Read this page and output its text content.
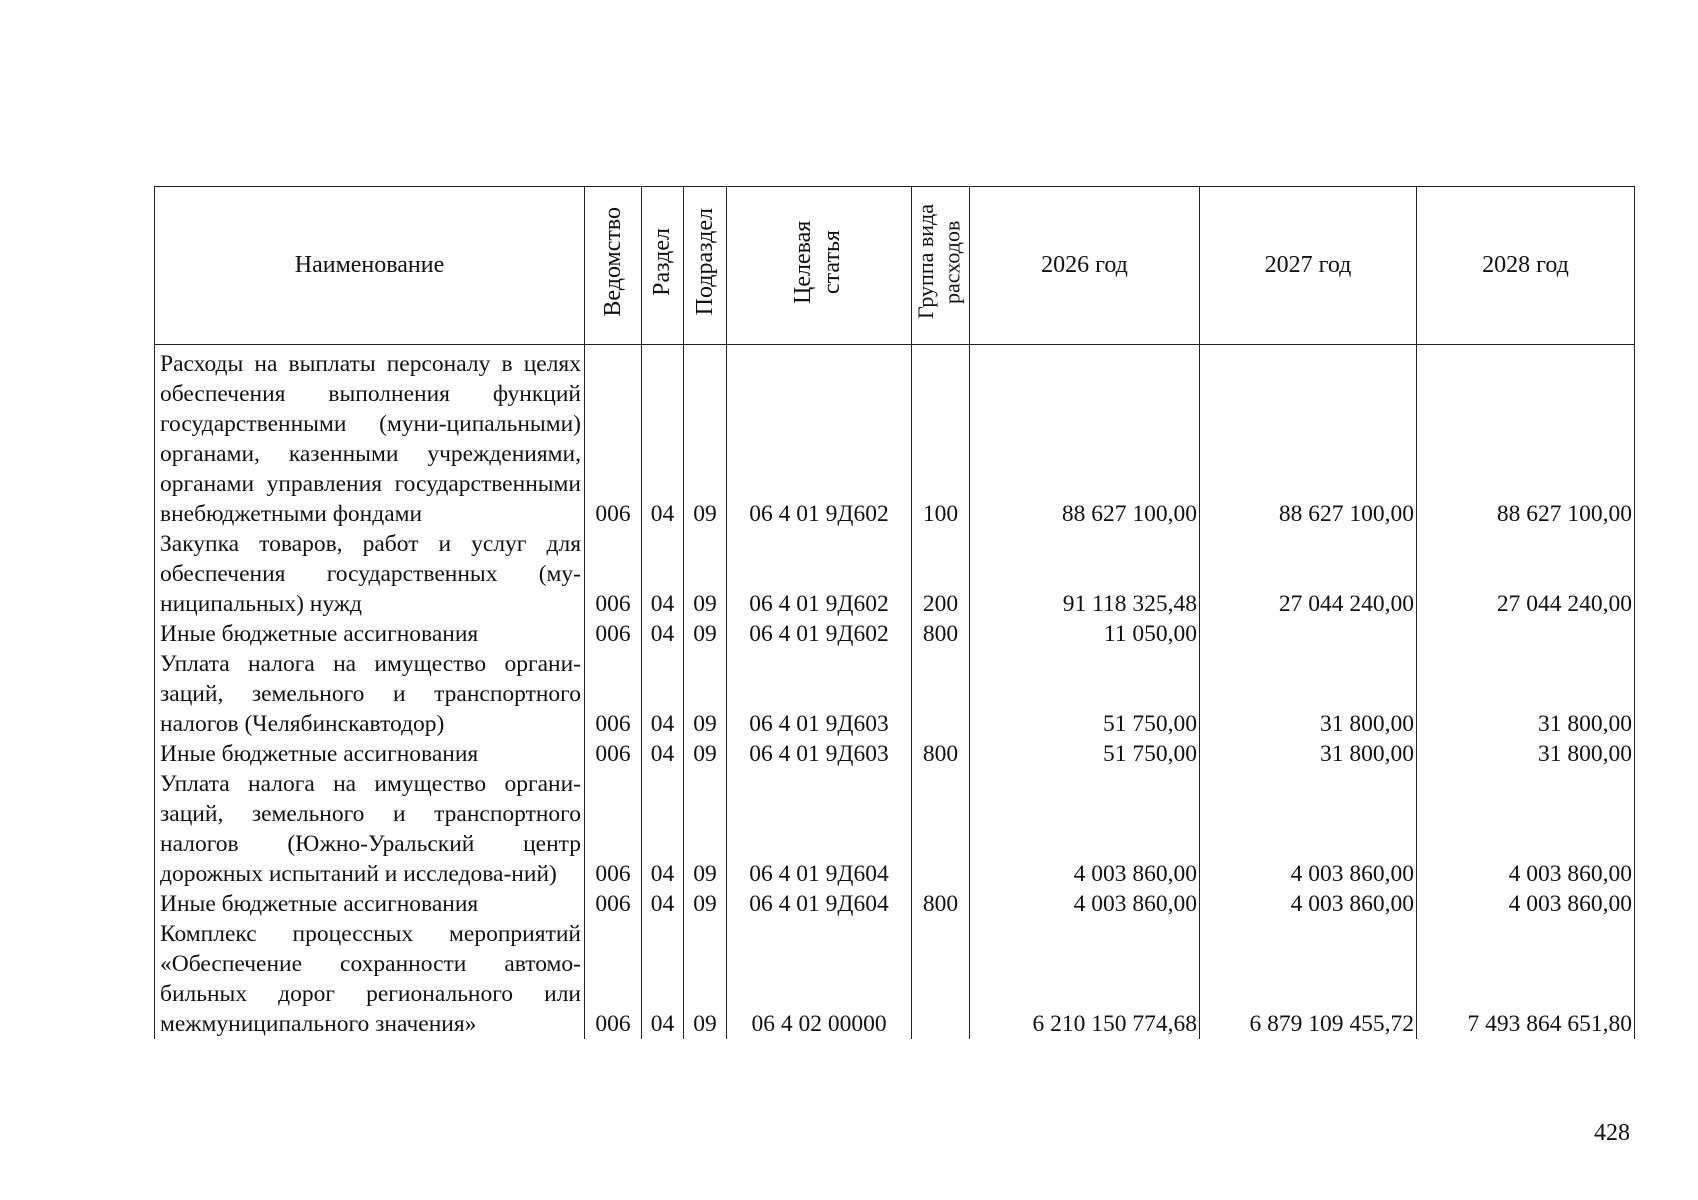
Наименование	Ведомство	Раздел	Подраздел	Целевая статья	Группа вида расходов	2026 год	2027 год	2028 год
Расходы на выплаты персоналу в целях обеспечения выполнения функций государственными (муни-ципальными) органами, казенными учреждениями, органами управления государственными внебюджетными фондами	006	04	09	06 4 01 9Д602	100	88 627 100,00	88 627 100,00	88 627 100,00
Закупка товаров, работ и услуг для обеспечения государственных (му-ниципальных) нужд	006	04	09	06 4 01 9Д602	200	91 118 325,48	27 044 240,00	27 044 240,00
Иные бюджетные ассигнования	006	04	09	06 4 01 9Д602	800	11 050,00		
Уплата налога на имущество органи-заций, земельного и транспортного налогов (Челябинскавтодор)	006	04	09	06 4 01 9Д603		51 750,00	31 800,00	31 800,00
Иные бюджетные ассигнования	006	04	09	06 4 01 9Д603	800	51 750,00	31 800,00	31 800,00
Уплата налога на имущество органи-заций, земельного и транспортного налогов (Южно-Уральский центр дорожных испытаний и исследова-ний)	006	04	09	06 4 01 9Д604		4 003 860,00	4 003 860,00	4 003 860,00
Иные бюджетные ассигнования	006	04	09	06 4 01 9Д604	800	4 003 860,00	4 003 860,00	4 003 860,00
Комплекс процессных мероприятий «Обеспечение сохранности автомо-бильных дорог регионального или межмуниципального значения»	006	04	09	06 4 02 00000		6 210 150 774,68	6 879 109 455,72	7 493 864 651,80
428
